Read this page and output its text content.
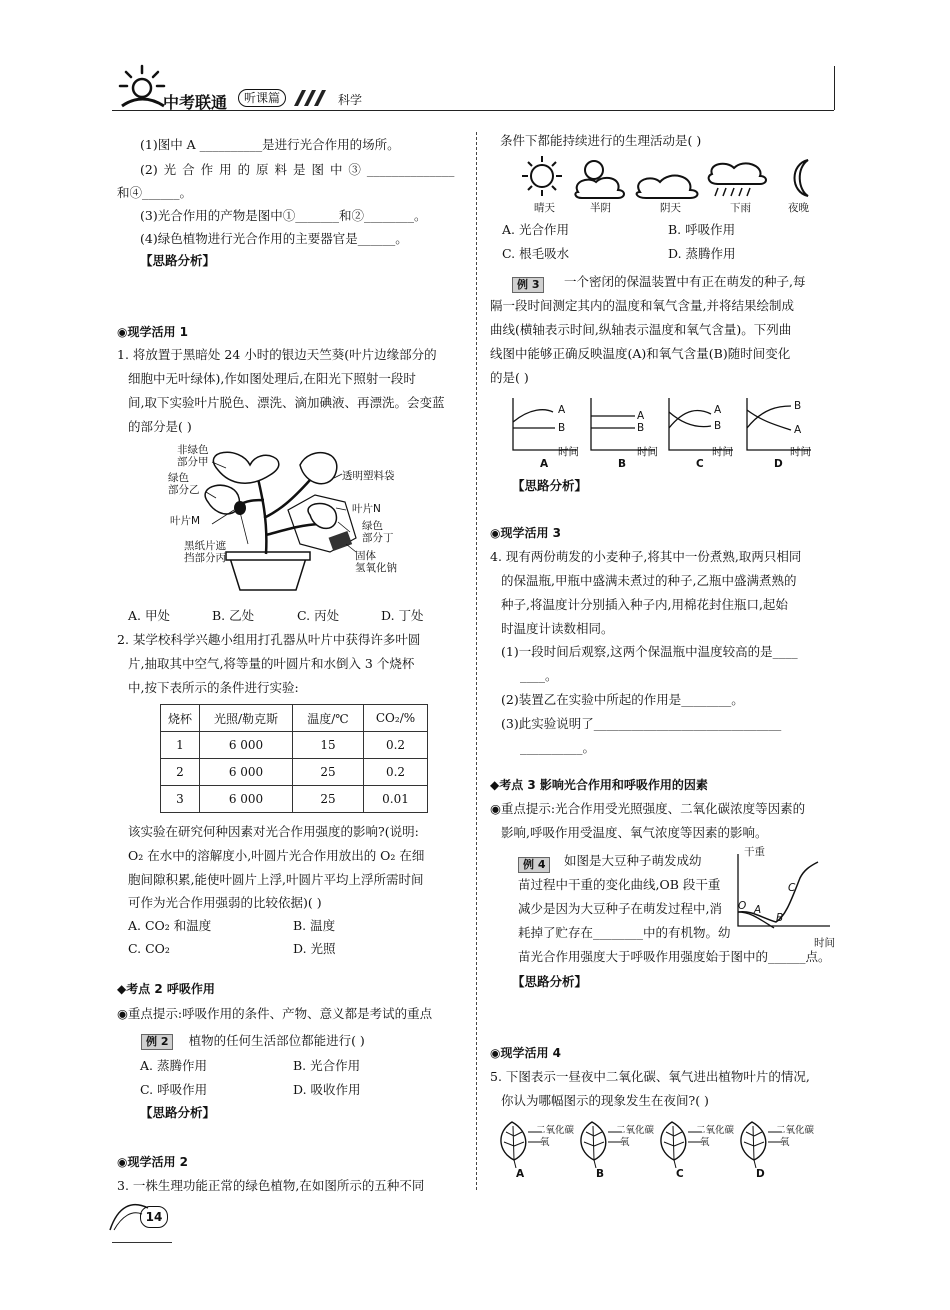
中考联通	听课篇	科学
(1)图中 A __________是进行光合作用的场所。
(2) 光 合 作 用 的 原 料 是 图 中 ③ ______________
和④______。
(3)光合作用的产物是图中①_______和②________。
(4)绿色植物进行光合作用的主要器官是______。
【思路分析】
◉现学活用 1
1. 将放置于黑暗处 24 小时的银边天竺葵(叶片边缘部分的
细胞中无叶绿体),作如图处理后,在阳光下照射一段时
间,取下实验叶片脱色、漂洗、滴加碘液、再漂洗。会变蓝
的部分是( )
非绿色
部分甲
绿色
部分乙
叶片M
透明塑料袋
叶片N
绿色
部分丁
固体
氢氧化钠
黑纸片遮
挡部分丙
A. 甲处	B. 乙处	C. 丙处	D. 丁处
2. 某学校科学兴趣小组用打孔器从叶片中获得许多叶圆
片,抽取其中空气,将等量的叶圆片和水倒入 3 个烧杯
中,按下表所示的条件进行实验:
烧杯	光照/勒克斯	温度/℃	CO₂/%
1	6 000	15	0.2
2	6 000	25	0.2
3	6 000	25	0.01
该实验在研究何种因素对光合作用强度的影响?(说明:
O₂ 在水中的溶解度小,叶圆片光合作用放出的 O₂ 在细
胞间隙积累,能使叶圆片上浮,叶圆片平均上浮所需时间
可作为光合作用强弱的比较依据)( )
A. CO₂ 和温度	B. 温度
C. CO₂	D. 光照
◆考点 2 呼吸作用
◉重点提示:呼吸作用的条件、产物、意义都是考试的重点
例 2 植物的任何生活部位都能进行( )
A. 蒸腾作用	B. 光合作用
C. 呼吸作用	D. 吸收作用
【思路分析】
◉现学活用 2
3. 一株生理功能正常的绿色植物,在如图所示的五种不同
条件下都能持续进行的生理活动是( )
晴天	半阴	阴天	下雨	夜晚
A. 光合作用	B. 呼吸作用
C. 根毛吸水	D. 蒸腾作用
例 3	一个密闭的保温装置中有正在萌发的种子,每
隔一段时间测定其内的温度和氧气含量,并将结果绘制成
曲线(横轴表示时间,纵轴表示温度和氧气含量)。下列曲
线图中能够正确反映温度(A)和氧气含量(B)随时间变化
的是( )
A
B
时间
A
A
B
时间
B
A
B
时间
C
B
A
时间
D
【思路分析】
◉现学活用 3
4. 现有两份萌发的小麦种子,将其中一份煮熟,取两只相同
的保温瓶,甲瓶中盛满未煮过的种子,乙瓶中盛满煮熟的
种子,将温度计分别插入种子内,用棉花封住瓶口,起始
时温度计读数相同。
(1)一段时间后观察,这两个保温瓶中温度较高的是____
____。
(2)装置乙在实验中所起的作用是________。
(3)此实验说明了______________________________
__________。
◆考点 3 影响光合作用和呼吸作用的因素
◉重点提示:光合作用受光照强度、二氧化碳浓度等因素的
影响,呼吸作用受温度、氧气浓度等因素的影响。
例 4	如图是大豆种子萌发成幼
苗过程中干重的变化曲线,OB 段干重
减少是因为大豆种子在萌发过程中,消
耗掉了贮存在________中的有机物。幼
苗光合作用强度大于呼吸作用强度始于图中的______点。
干重
时间
O A
B
C
【思路分析】
◉现学活用 4
5. 下图表示一昼夜中二氧化碳、氧气进出植物叶片的情况,
你认为哪幅图示的现象发生在夜间?( )
二氧化碳
氧
A
二氧化碳
氧
B
二氧化碳
氧
C
二氧化碳
氧
D
14
